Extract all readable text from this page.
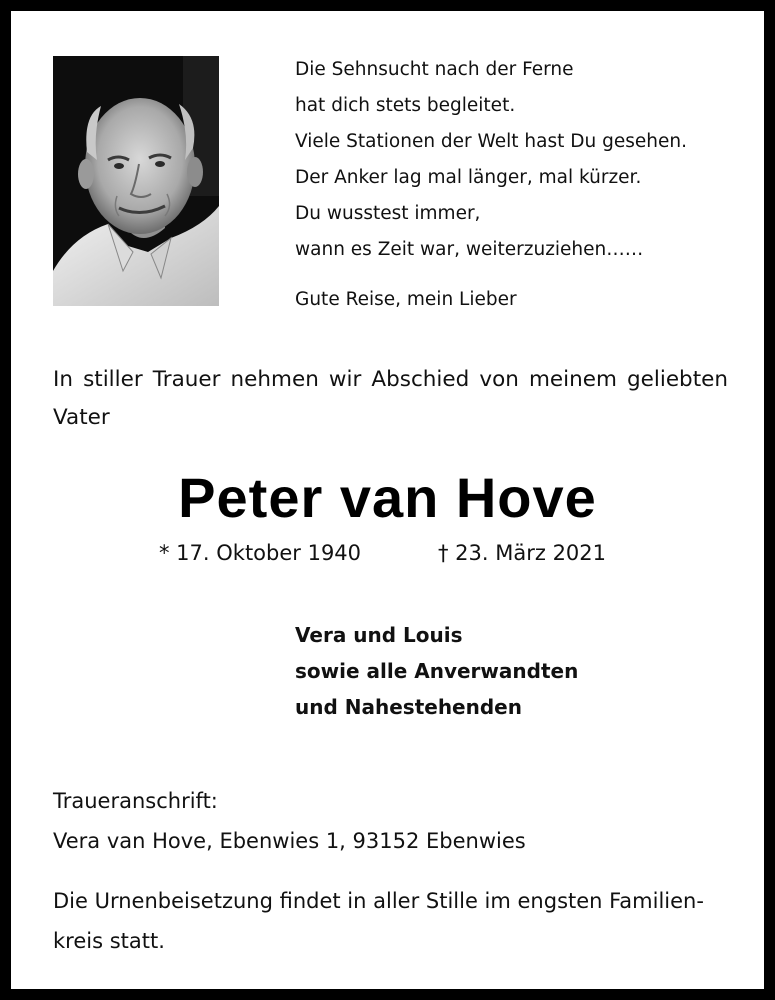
Die Sehnsucht nach der Ferne
hat dich stets begleitet.
Viele Stationen der Welt hast Du gesehen.
Der Anker lag mal länger, mal kürzer.
Du wusstest immer,
wann es Zeit war, weiterzuziehen……
Gute Reise, mein Lieber
In stiller Trauer nehmen wir Abschied von meinem geliebten Vater
Peter van Hove
* 17. Oktober 1940	† 23. März 2021
Vera und Louis
sowie alle Anverwandten
und Nahestehenden
Traueranschrift:
Vera van Hove, Ebenwies 1, 93152 Ebenwies
Die Urnenbeisetzung findet in aller Stille im engsten Familien-
kreis statt.
